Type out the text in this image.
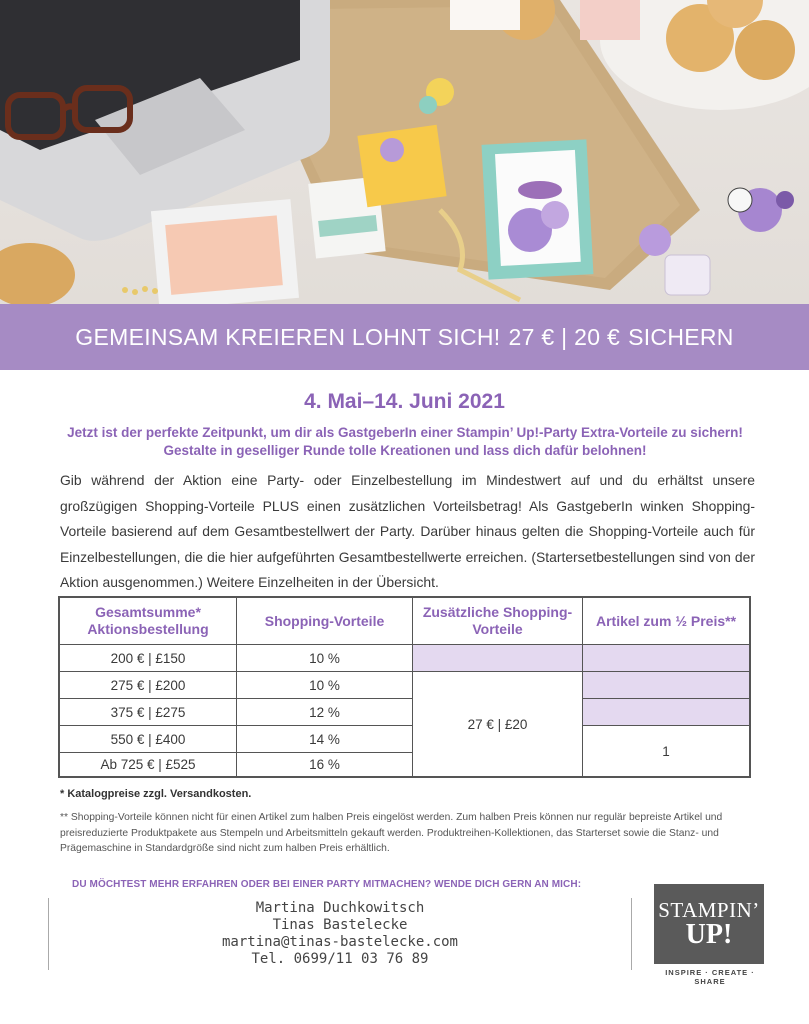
GEMEINSAM KREIEREN LOHNT SICH! 27 € | 20 € SICHERN
4. Mai–14. Juni 2021
Jetzt ist der perfekte Zeitpunkt, um dir als GastgeberIn einer Stampin’ Up!-Party Extra-Vorteile zu sichern! Gestalte in geselliger Runde tolle Kreationen und lass dich dafür belohnen!
Gib während der Aktion eine Party- oder Einzelbestellung im Mindestwert auf und du erhältst unsere großzügigen Shopping-Vorteile PLUS einen zusätzlichen Vorteilsbetrag! Als GastgeberIn winken Shopping-Vorteile basierend auf dem Gesamtbestellwert der Party. Darüber hinaus gelten die Shopping-Vorteile auch für Einzelbestellungen, die die hier aufgeführten Gesamtbestellwerte erreichen. (Startersetbestellungen sind von der Aktion ausgenommen.) Weitere Einzelheiten in der Übersicht.
Gesamtsumme* Aktionsbestellung
Shopping-Vorteile
Zusätzliche Shopping-Vorteile
Artikel zum ½ Preis**
200 € | £150
275 € | £200
375 € | £275
550 € | £400
Ab 725 € | £525
10 %
10 %
12 %
14 %
16 %
27 € | £20
1
* Katalogpreise zzgl. Versandkosten.
** Shopping-Vorteile können nicht für einen Artikel zum halben Preis eingelöst werden. Zum halben Preis können nur regulär bepreiste Artikel und preisreduzierte Produktpakete aus Stempeln und Arbeitsmitteln gekauft werden. Produktreihen-Kollektionen, das Starterset sowie die Stanz- und Prägemaschine in Standardgröße sind nicht zum halben Preis erhältlich.
DU MÖCHTEST MEHR ERFAHREN ODER BEI EINER PARTY MITMACHEN? WENDE DICH GERN AN MICH:
Martina Duchkowitsch
Tinas Bastelecke
martina@tinas-bastelecke.com
Tel. 0699/11 03 76 89
STAMPIN’
UP!
INSPIRE · CREATE · SHARE
